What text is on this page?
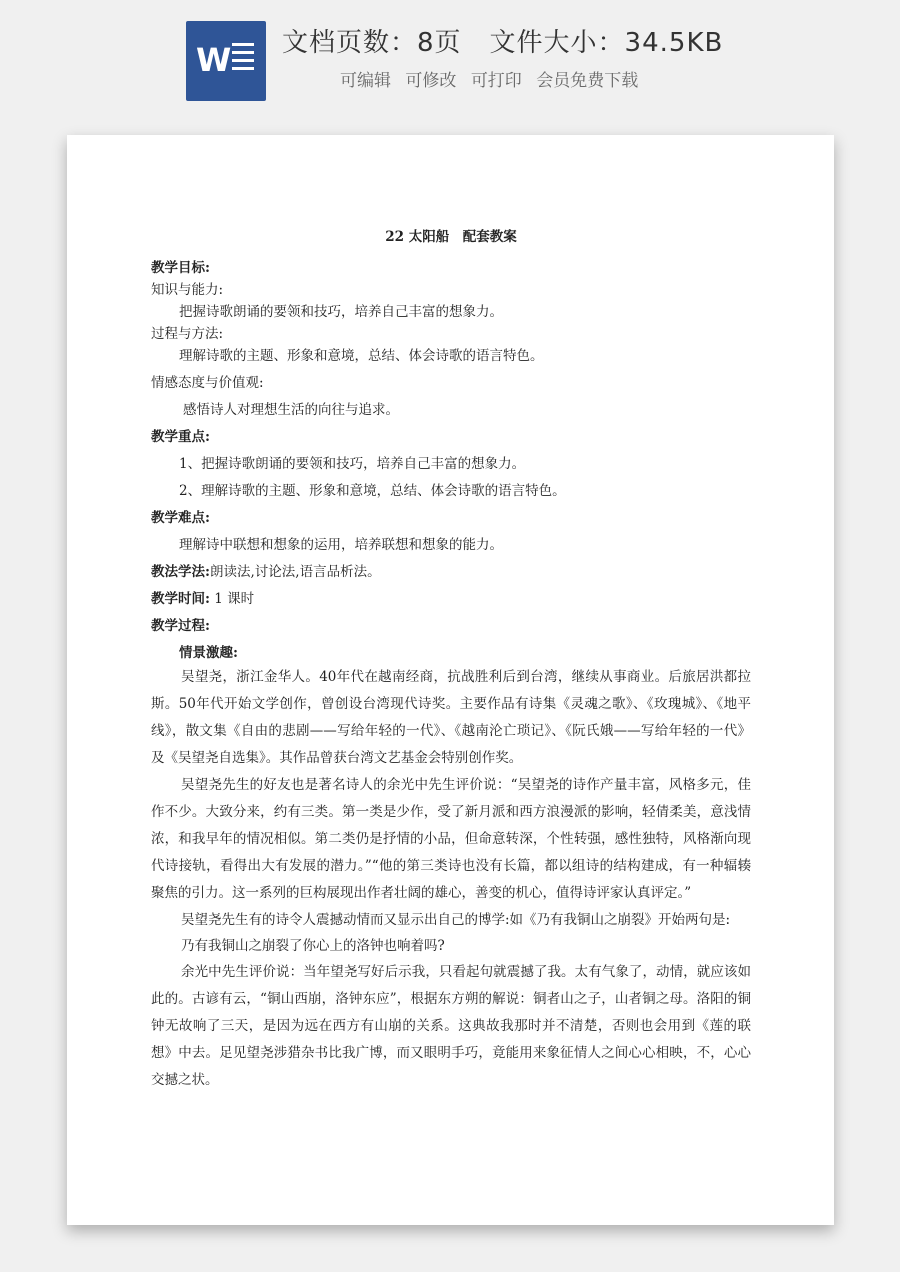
W 文档页数：8页 文件大小：34.5KB
可编辑 可修改 可打印 会员免费下载
22 太阳船　配套教案
教学目标:
知识与能力:
把握诗歌朗诵的要领和技巧，培养自己丰富的想象力。
过程与方法:
理解诗歌的主题、形象和意境，总结、体会诗歌的语言特色。
情感态度与价值观:
感悟诗人对理想生活的向往与追求。
教学重点:
1、把握诗歌朗诵的要领和技巧，培养自己丰富的想象力。
2、理解诗歌的主题、形象和意境，总结、体会诗歌的语言特色。
教学难点:
理解诗中联想和想象的运用，培养联想和想象的能力。
教法学法:朗读法,讨论法,语言品析法。
教学时间: 1 课时
教学过程:
情景激趣:
吴望尧，浙江金华人。40年代在越南经商，抗战胜利后到台湾，继续从事商业。后旅居洪都拉斯。50年代开始文学创作，曾创设台湾现代诗奖。主要作品有诗集《灵魂之歌》、《玫瑰城》、《地平线》，散文集《自由的悲剧——写给年轻的一代》、《越南沦亡琐记》、《阮氏娥——写给年轻的一代》及《吴望尧自选集》。其作品曾获台湾文艺基金会特别创作奖。
吴望尧先生的好友也是著名诗人的余光中先生评价说：“吴望尧的诗作产量丰富，风格多元，佳作不少。大致分来，约有三类。第一类是少作，受了新月派和西方浪漫派的影响，轻倩柔美，意浅情浓，和我早年的情况相似。第二类仍是抒情的小品，但命意转深，个性转强，感性独特，风格渐向现代诗接轨，看得出大有发展的潜力。”“他的第三类诗也没有长篇，都以组诗的结构建成，有一种辐辏聚焦的引力。这一系列的巨构展现出作者壮阔的雄心，善变的机心，值得诗评家认真评定。”
吴望尧先生有的诗令人震撼动情而又显示出自己的博学:如《乃有我铜山之崩裂》开始两句是:
乃有我铜山之崩裂了你心上的洛钟也响着吗?
余光中先生评价说：当年望尧写好后示我，只看起句就震撼了我。太有气象了，动情，就应该如此的。古谚有云，“铜山西崩，洛钟东应”，根据东方朔的解说：铜者山之子，山者铜之母。洛阳的铜钟无故响了三天，是因为远在西方有山崩的关系。这典故我那时并不清楚，否则也会用到《莲的联想》中去。足见望尧涉猎杂书比我广博，而又眼明手巧，竟能用来象征情人之间心心相映，不，心心交撼之状。
